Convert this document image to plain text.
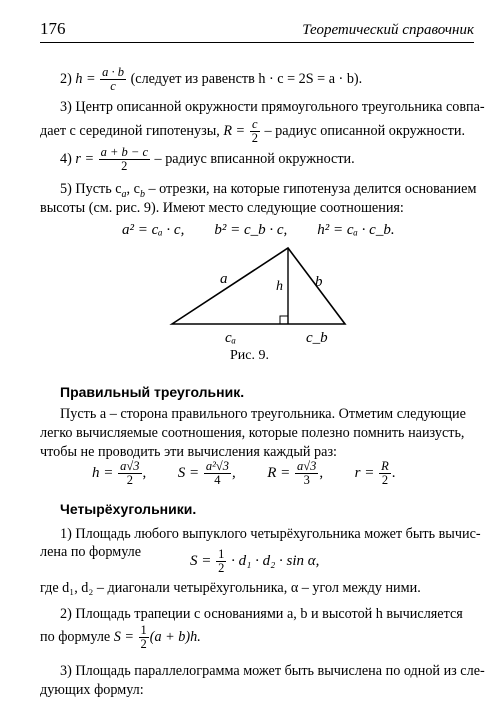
176	Теоретический справочник
2) $h = \frac{a \cdot b}{c}$ (следует из равенств h · c = 2S = a · b).
3) Центр описанной окружности прямоугольного треугольника совпа-
дает с серединой гипотенузы, $R = \frac{c}{2}$ – радиус описанной окружности.
4) $r = \frac{a + b - c}{2}$ – радиус вписанной окружности.
5) Пусть $c_a$, $c_b$ – отрезки, на которые гипотенуза делится основанием
высоты (см. рис. 9). Имеют место следующие соотношения:
a² = cₐ · c,        b² = c_b · c,        h² = cₐ · c_b.
a	b
h
cₐ	c_b
Рис. 9.
Правильный треугольник.
Пусть a – сторона правильного треугольника. Отметим следующие
легко вычисляемые соотношения, которые полезно помнить наизусть,
чтобы не проводить эти вычисления каждый раз:
$h = \frac{a√3}{2}$ , $S = \frac{\text{a²√3}}{4}$ , $R = \frac{a√3}{3}$ , $r = \frac{R}{2}$ .
Четырёхугольники.
1) Площадь любого выпуклого четырёхугольника может быть вычис-
лена по формуле
$S = \frac{1}{2} \cdot d_1 \cdot d_2 \cdot \sin \alpha$,
где d₁, d₂ – диагонали четырёхугольника, α – угол между ними.
2) Площадь трапеции с основаниями a, b и высотой h вычисляется
по формуле $S = \frac{1}{2} (a + b)h$.
3) Площадь параллелограмма может быть вычислена по одной из сле-
дующих формул:
